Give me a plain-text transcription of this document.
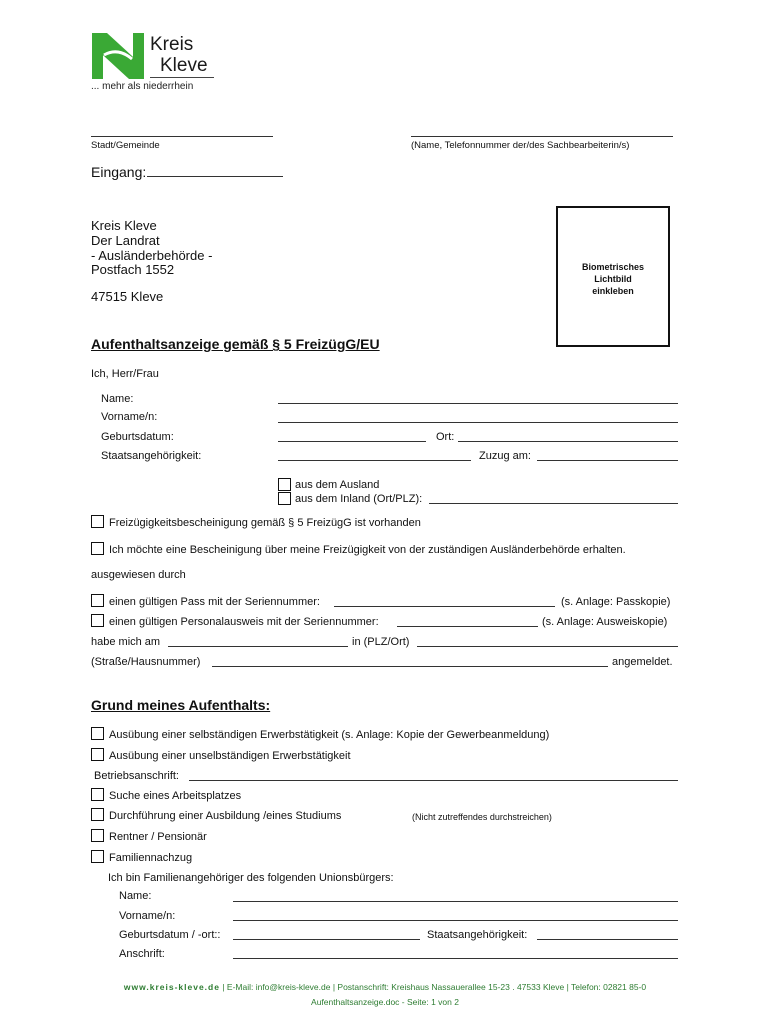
Kreis
Kleve
... mehr als niederrhein
Stadt/Gemeinde	(Name, Telefonnummer der/des Sachbearbeiterin/s)
Eingang:
Kreis Kleve
Der Landrat
- Ausländerbehörde -
Postfach 1552
47515 Kleve
Biometrisches
Lichtbild
einkleben
Aufenthaltsanzeige gemäß § 5 FreizügG/EU
Ich, Herr/Frau
Name:
Vorname/n:
Geburtsdatum:	Ort:
Staatsangehörigkeit:	Zuzug am:
aus dem Ausland
aus dem Inland (Ort/PLZ):
Freizügigkeitsbescheinigung gemäß § 5 FreizügG ist vorhanden
Ich möchte eine Bescheinigung über meine Freizügigkeit von der zuständigen Ausländerbehörde erhalten.
ausgewiesen durch
einen gültigen Pass mit der Seriennummer:	(s. Anlage: Passkopie)
einen gültigen Personalausweis mit der Seriennummer:	(s. Anlage: Ausweiskopie)
habe mich am	in (PLZ/Ort)
(Straße/Hausnummer)	angemeldet.
Grund meines Aufenthalts:
Ausübung einer selbständigen Erwerbstätigkeit (s. Anlage: Kopie der Gewerbeanmeldung)
Ausübung einer unselbständigen Erwerbstätigkeit
Betriebsanschrift:
Suche eines Arbeitsplatzes
Durchführung einer Ausbildung /eines Studiums	(Nicht zutreffendes durchstreichen)
Rentner / Pensionär
Familiennachzug
Ich bin Familienangehöriger des folgenden Unionsbürgers:
Name:
Vorname/n:
Geburtsdatum / -ort::	Staatsangehörigkeit:
Anschrift:
www.kreis-kleve.de | E-Mail: info@kreis-kleve.de | Postanschrift: Kreishaus Nassauerallee 15-23 . 47533 Kleve | Telefon: 02821 85-0
Aufenthaltsanzeige.doc - Seite: 1 von 2
